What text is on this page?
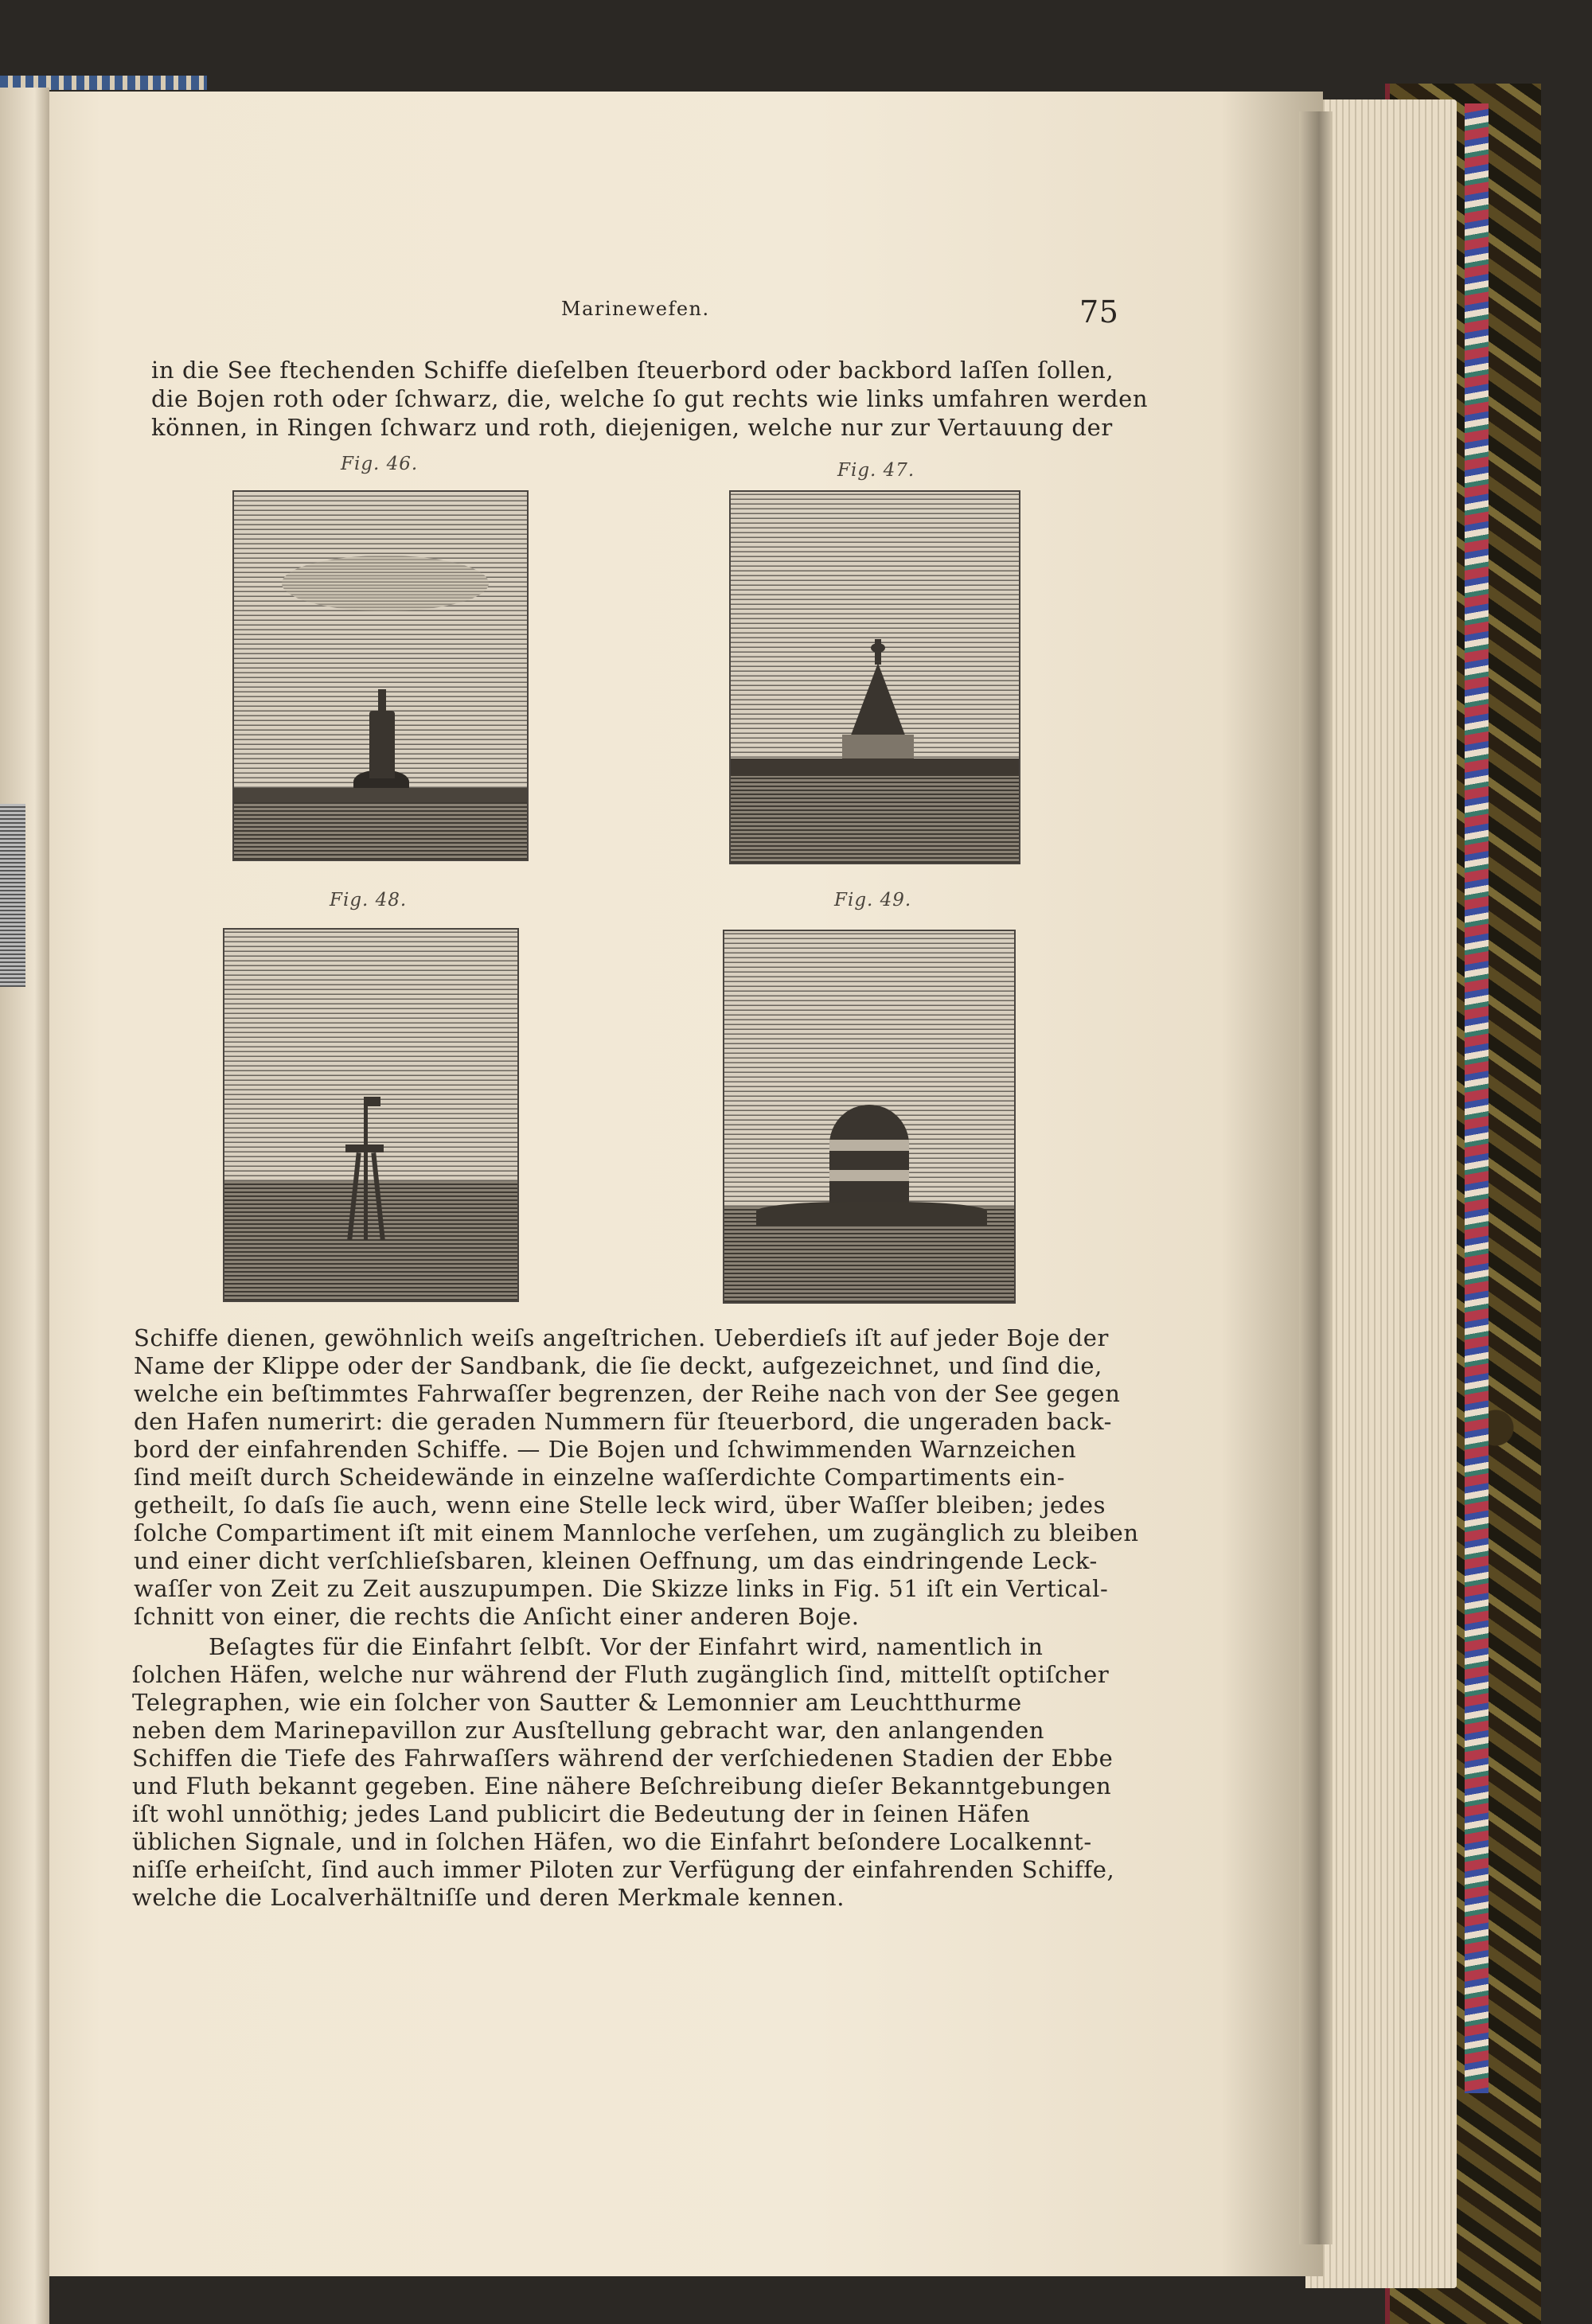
Marinewefen.	75
in die See ftechenden Schiffe dieſelben ſteuerbord oder backbord laſſen ſollen,
die Bojen roth oder ſchwarz, die, welche ſo gut rechts wie links umfahren werden
können, in Ringen ſchwarz und roth, diejenigen, welche nur zur Vertauung der
Fig. 46.	Fig. 47.
Fig. 48.	Fig. 49.
Schiffe dienen, gewöhnlich weiſs angeſtrichen. Ueberdieſs iſt auf jeder Boje der
Name der Klippe oder der Sandbank, die ſie deckt, aufgezeichnet, und ſind die,
welche ein beſtimmtes Fahrwaſſer begrenzen, der Reihe nach von der See gegen
den Hafen numerirt: die geraden Nummern für ſteuerbord, die ungeraden back-
bord der einfahrenden Schiffe. — Die Bojen und ſchwimmenden Warnzeichen
ſind meiſt durch Scheidewände in einzelne waſſerdichte Compartiments ein-
getheilt, ſo daſs ſie auch, wenn eine Stelle leck wird, über Waſſer bleiben; jedes
ſolche Compartiment iſt mit einem Mannloche verſehen, um zugänglich zu bleiben
und einer dicht verſchlieſsbaren, kleinen Oeffnung, um das eindringende Leck-
waſſer von Zeit zu Zeit auszupumpen. Die Skizze links in Fig. 51 iſt ein Vertical-
ſchnitt von einer, die rechts die Anſicht einer anderen Boje.
Beſagtes für die Einfahrt ſelbſt. Vor der Einfahrt wird, namentlich in
ſolchen Häfen, welche nur während der Fluth zugänglich ſind, mittelſt optiſcher
Telegraphen, wie ein ſolcher von Sautter & Lemonnier am Leuchtthurme
neben dem Marinepavillon zur Ausſtellung gebracht war, den anlangenden
Schiffen die Tiefe des Fahrwaſſers während der verſchiedenen Stadien der Ebbe
und Fluth bekannt gegeben. Eine nähere Beſchreibung dieſer Bekanntgebungen
iſt wohl unnöthig; jedes Land publicirt die Bedeutung der in ſeinen Häfen
üblichen Signale, und in ſolchen Häfen, wo die Einfahrt beſondere Localkennt-
niſſe erheiſcht, ſind auch immer Piloten zur Verfügung der einfahrenden Schiffe,
welche die Localverhältniſſe und deren Merkmale kennen.
